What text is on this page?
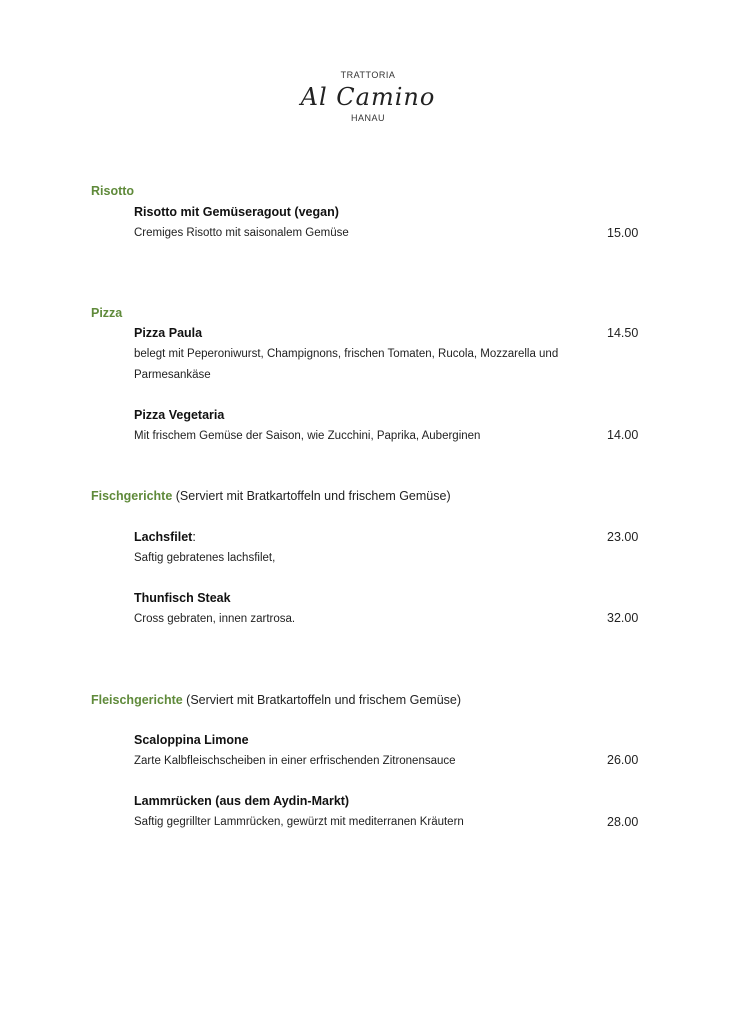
TRATTORIA
Al Camino
HANAU
Risotto
Risotto mit Gemüseragout (vegan)
Cremiges Risotto mit saisonalem Gemüse	15.00
Pizza
Pizza Paula	14.50
belegt mit Peperoniwurst, Champignons, frischen Tomaten, Rucola, Mozzarella und Parmesankäse
Pizza Vegetaria
Mit frischem Gemüse der Saison, wie Zucchini, Paprika, Auberginen	14.00
Fischgerichte (Serviert mit Bratkartoffeln und frischem Gemüse)
Lachsfilet:	23.00
Saftig gebratenes lachsfilet,
Thunfisch Steak
Cross gebraten, innen zartrosa.	32.00
Fleischgerichte (Serviert mit Bratkartoffeln und frischem Gemüse)
Scaloppina Limone
Zarte Kalbfleischscheiben in einer erfrischenden Zitronensauce	26.00
Lammrücken (aus dem Aydin-Markt)
Saftig gegrillter Lammrücken, gewürzt mit mediterranen Kräutern	28.00
